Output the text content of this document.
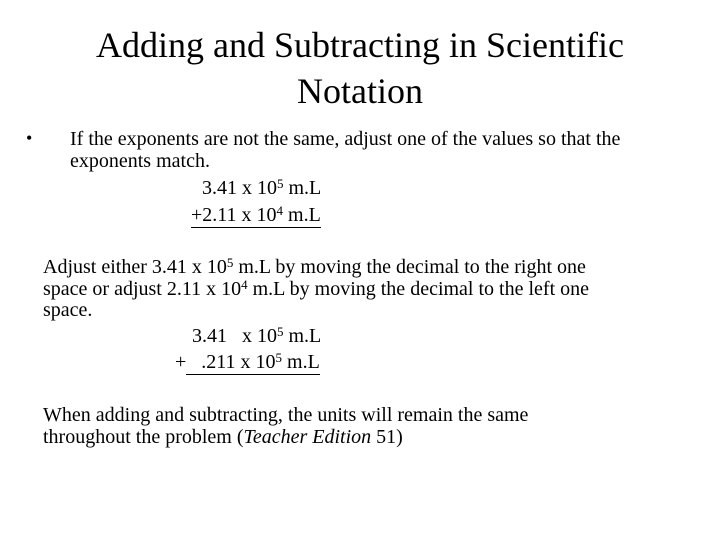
Adding and Subtracting in Scientific
Notation
• If the exponents are not the same, adjust one of the values so that the
exponents match.
3.41 x $10^5$ m.L
+2.11 x $10^4$ m.L
Adjust either 3.41 x $10^5$ m.L by moving the decimal to the right one
space or adjust 2.11 x $10^4$ m.L by moving the decimal to the left one
space.
3.41   x $10^5$ m.L
+   .211 x $10^5$ m.L
When adding and subtracting, the units will remain the same
throughout the problem (Teacher Edition 51)
